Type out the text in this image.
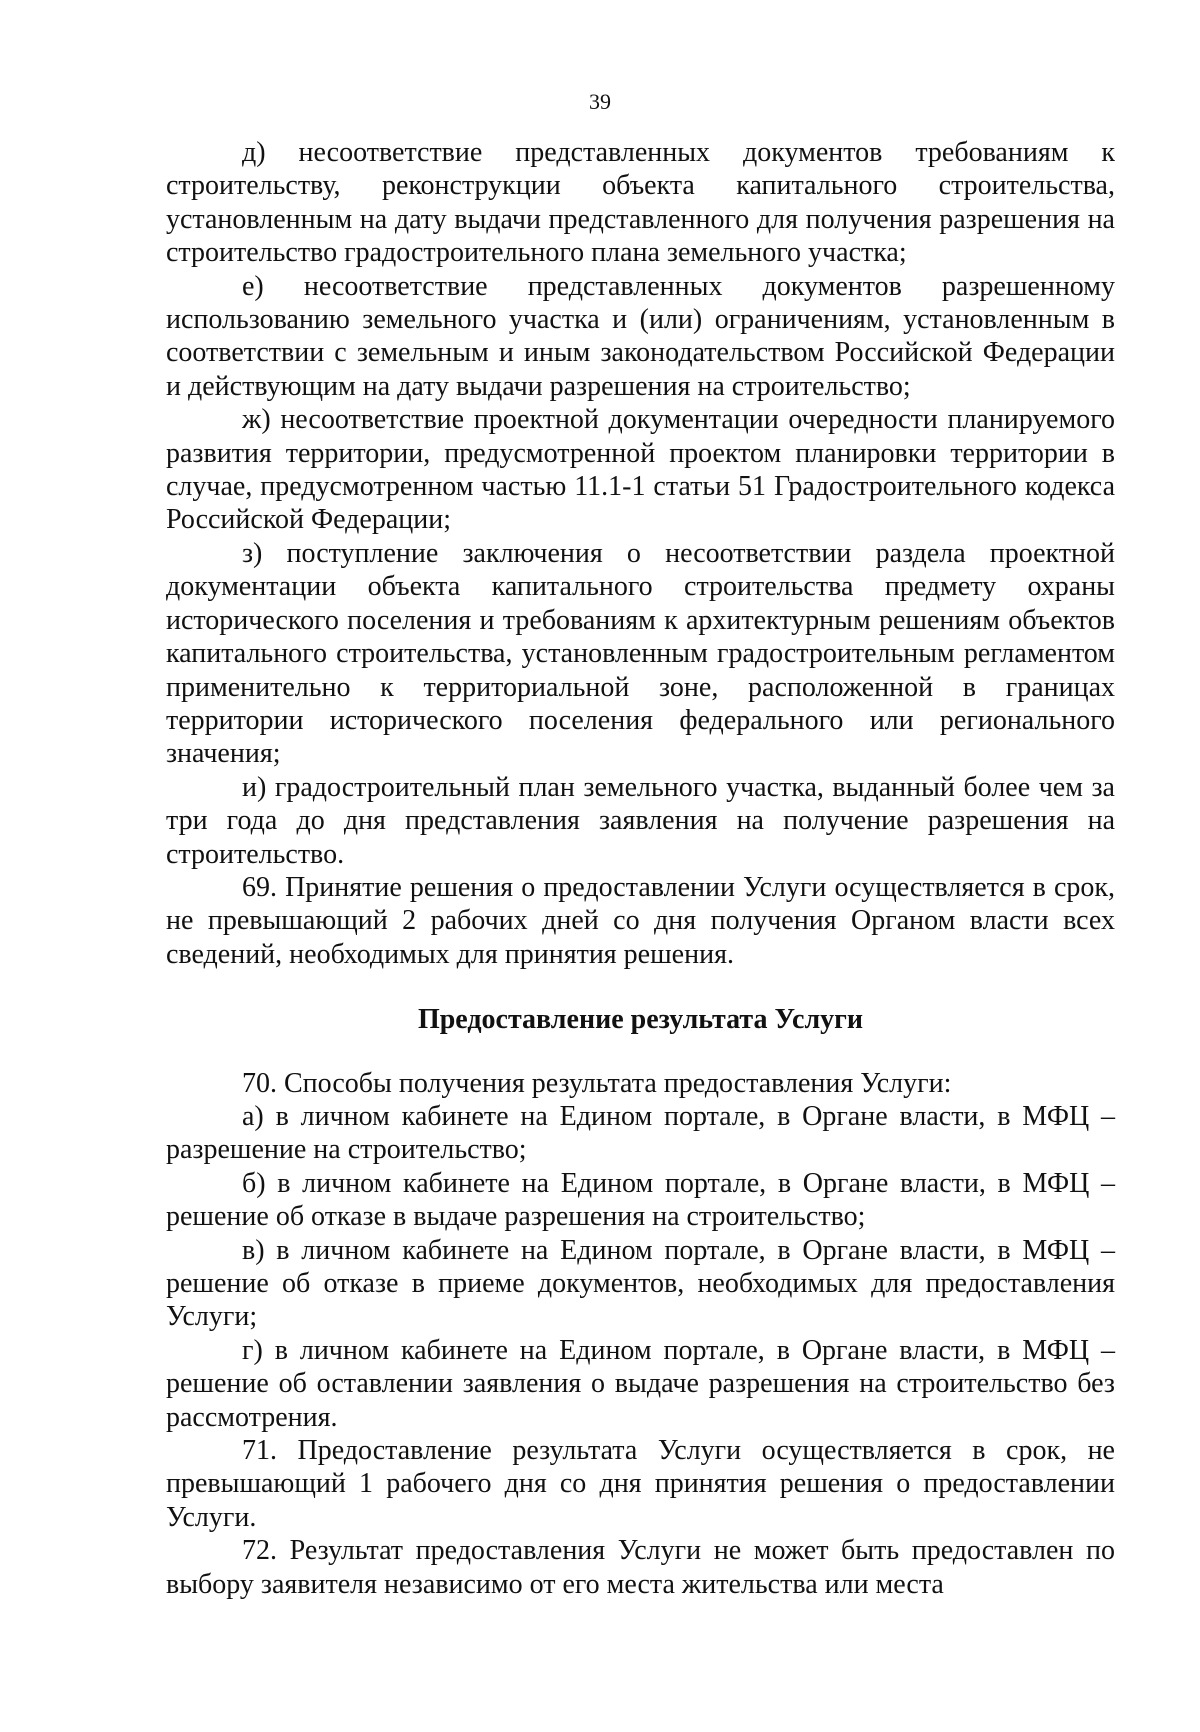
39

д) несоответствие представленных документов требованиям к строительству, реконструкции объекта капитального строительства, установленным на дату выдачи представленного для получения разрешения на строительство градостроительного плана земельного участка;

е) несоответствие представленных документов разрешенному использованию земельного участка и (или) ограничениям, установленным в соответствии с земельным и иным законодательством Российской Федерации и действующим на дату выдачи разрешения на строительство;

ж) несоответствие проектной документации очередности планируемого развития территории, предусмотренной проектом планировки территории в случае, предусмотренном частью 11.1-1 статьи 51 Градостроительного кодекса Российской Федерации;

з) поступление заключения о несоответствии раздела проектной документации объекта капитального строительства предмету охраны исторического поселения и требованиям к архитектурным решениям объектов капитального строительства, установленным градостроительным регламентом применительно к территориальной зоне, расположенной в границах территории исторического поселения федерального или регионального значения;

и) градостроительный план земельного участка, выданный более чем за три года до дня представления заявления на получение разрешения на строительство.

69. Принятие решения о предоставлении Услуги осуществляется в срок, не превышающий 2 рабочих дней со дня получения Органом власти всех сведений, необходимых для принятия решения.

Предоставление результата Услуги

70. Способы получения результата предоставления Услуги:

а) в личном кабинете на Едином портале, в Органе власти, в МФЦ – разрешение на строительство;

б) в личном кабинете на Едином портале, в Органе власти, в МФЦ – решение об отказе в выдаче разрешения на строительство;

в) в личном кабинете на Едином портале, в Органе власти, в МФЦ – решение об отказе в приеме документов, необходимых для предоставления Услуги;

г) в личном кабинете на Едином портале, в Органе власти, в МФЦ – решение об оставлении заявления о выдаче разрешения на строительство без рассмотрения.

71. Предоставление результата Услуги осуществляется в срок, не превышающий 1 рабочего дня со дня принятия решения о предоставлении Услуги.

72. Результат предоставления Услуги не может быть предоставлен по выбору заявителя независимо от его места жительства или места
